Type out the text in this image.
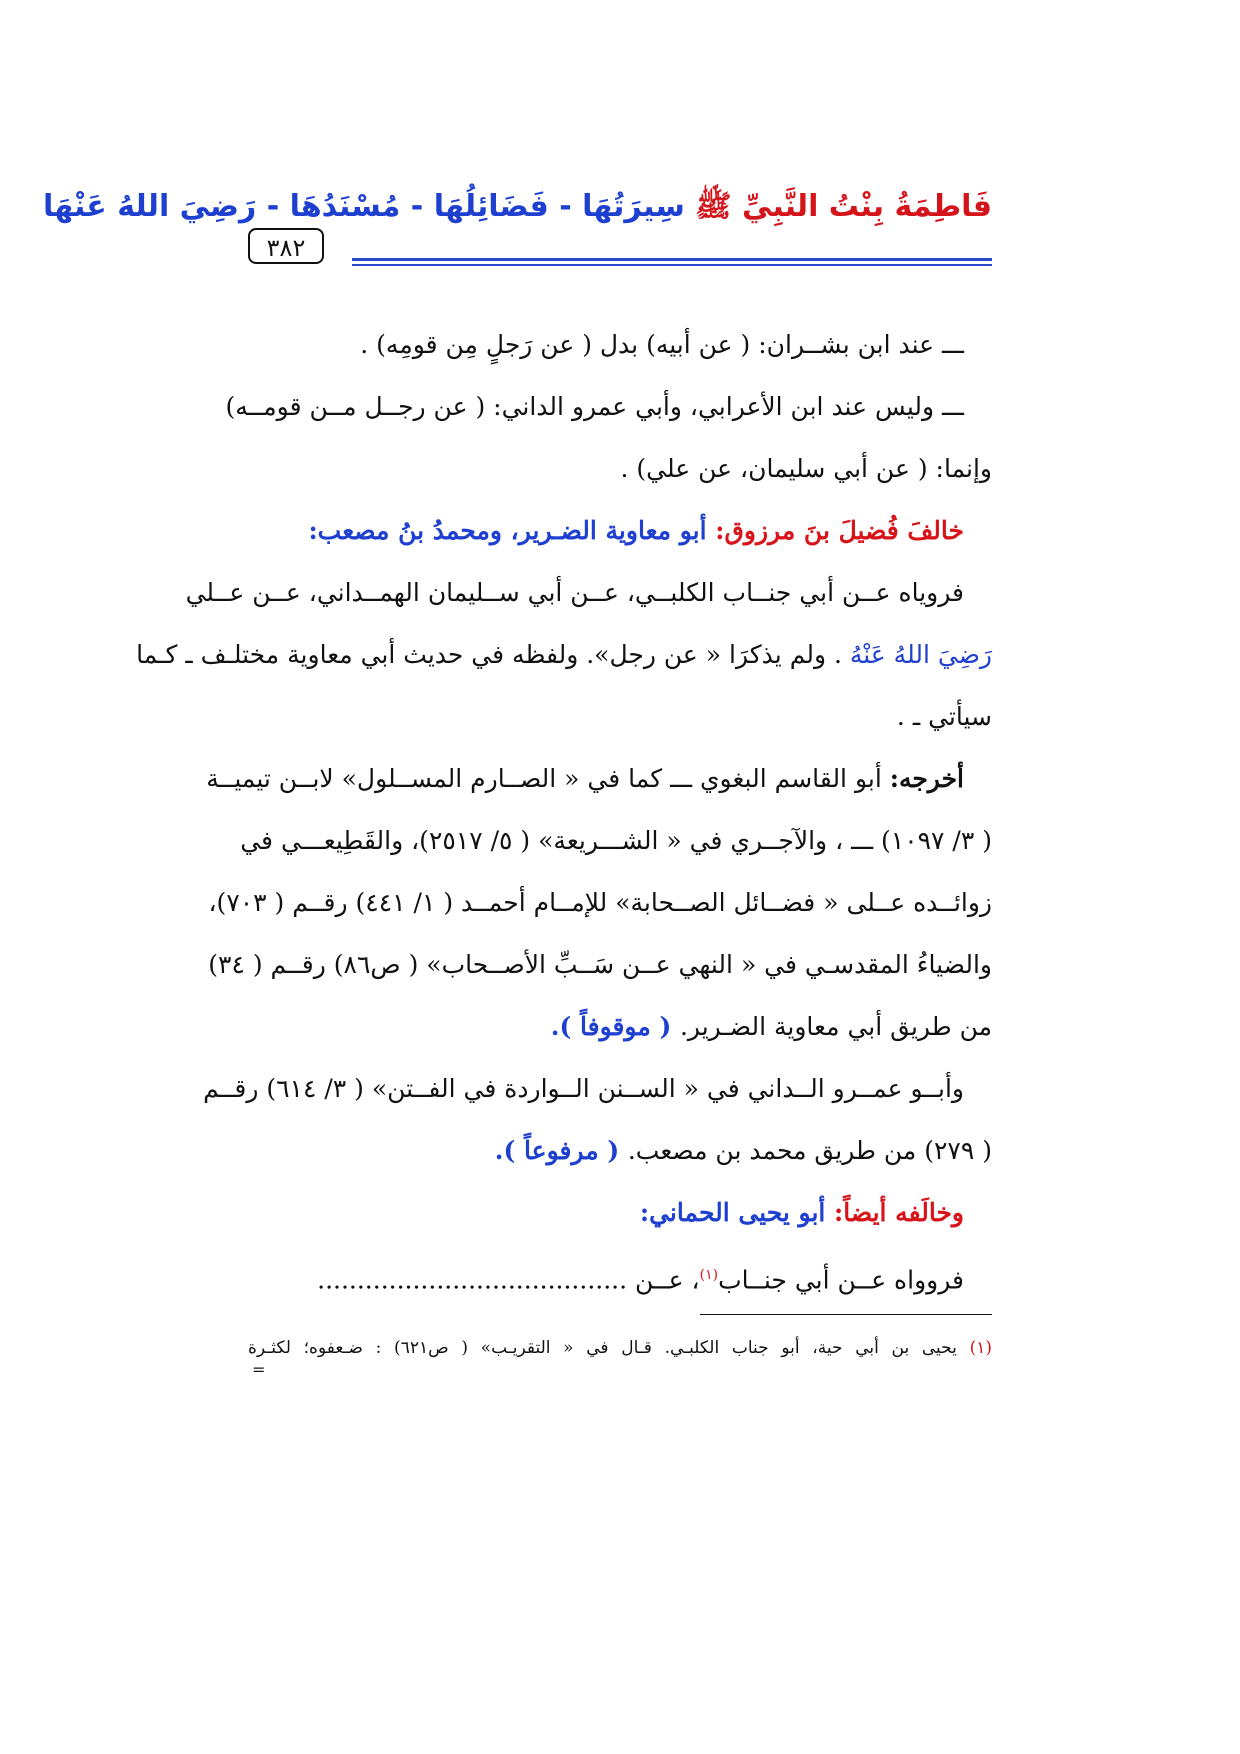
فَاطِمَةُ بِنْتُ النَّبِيِّ ﷺ سِيرَتُهَا - فَضَائِلُهَا - مُسْنَدُهَا - رَضِيَ اللهُ عَنْهَا
٣٨٢
ـــ عند ابن بشــران: ( عن أبيه) بدل ( عن رَجلٍ مِن قومِه) .
ـــ وليس عند ابن الأعرابي، وأبي عمرو الداني: ( عن رجــل مــن قومــه)
وإنما: ( عن أبي سليمان، عن علي) .
خالفَ فُضيلَ بنَ مرزوق: أبو معاوية الضـرير، ومحمدُ بنُ مصعب:
فروياه عــن أبي جنــاب الكلبــي، عــن أبي ســليمان الهمــداني، عــن عــلي
رَضِيَ اللهُ عَنْهُ . ولم يذكرَا « عن رجل». ولفظه في حديث أبي معاوية مختلـف ـ كـما
سيأتي ـ .
أخرجه: أبو القاسم البغوي ـــ كما في « الصــارم المســلول» لابــن تيميــة
( ٣/ ١٠٩٧) ـــ ، والآجــري في « الشـــريعة» ( ٥/ ٢٥١٧)، والقَطِيعـــي في
زوائــده عــلى « فضــائل الصــحابة» للإمــام أحمــد ( ١/ ٤٤١) رقــم ( ٧٠٣)،
والضياءُ المقدسـي في « النهي عــن سَــبِّ الأصــحاب» ( ص٨٦) رقــم ( ٣٤)
من طريق أبي معاوية الضـرير. ( موقوفاً ).
وأبــو عمــرو الــداني في « الســنن الــواردة في الفــتن» ( ٣/ ٦١٤) رقــم
( ٢٧٩) من طريق محمد بن مصعب. ( مرفوعاً ).
وخالَفه أيضاً: أبو يحيى الحماني:
فروواه عــن أبي جنــاب$^{(١)}$، عــن .......................................
(١) يحيى بن أبي حية، أبو جناب الكلبـي. قـال في « التقريـب» ( ص٦٢١) : ضـعفوه؛ لكثـرة
=
